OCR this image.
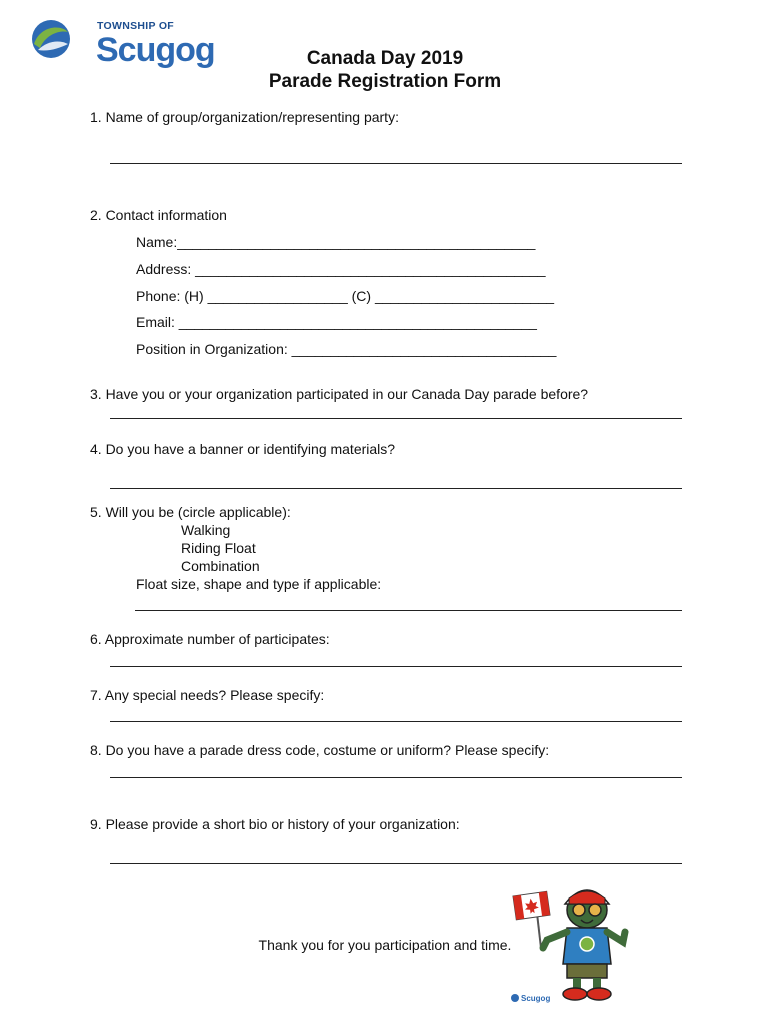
TOWNSHIP OF
Scugog	Canada Day 2019
Parade Registration Form
1. Name of group/organization/representing party:
2. Contact information
Name:______________________________________________
Address: _____________________________________________
Phone: (H) __________________ (C) _______________________
Email: ______________________________________________
Position in Organization: __________________________________
3. Have you or your organization participated in our Canada Day parade before?
4. Do you have a banner or identifying materials?
5. Will you be (circle applicable):
Walking
Riding Float
Combination
Float size, shape and type if applicable:
6. Approximate number of participates:
7. Any special needs? Please specify:
8. Do you have a parade dress code, costume or uniform? Please specify:
9. Please provide a short bio or history of your organization:
Thank you for you participation and time.
Scugog
